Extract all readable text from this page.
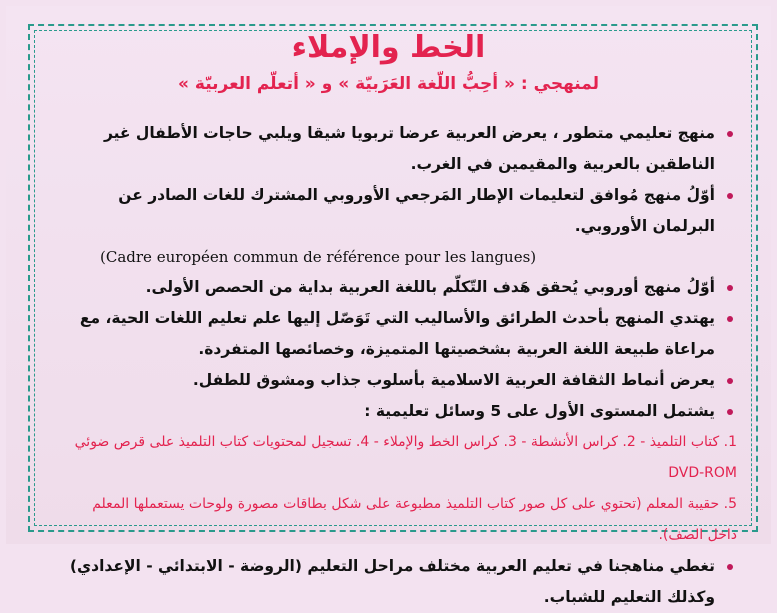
الخط والإملاء
لمنهجي : « أحِبُّ اللّغة العَرَبيّة » و « أتعلّم العربيّة »
منهج تعليمي متطور ، يعرض العربية عرضا تربويا شيقا ويلبي حاجات الأطفال غير الناطقين بالعربية والمقيمين في الغرب.
أوّلُ منهج مُوافق لتعليمات الإطار المَرجعي الأوروبي المشترك للغات الصادر عن البرلمان الأوروبي.
(Cadre européen commun de référence pour les langues)
أوّلُ منهج أوروبي يُحقق هَدف التّكلّم باللغة العربية بداية من الحصص الأولى.
يهتدي المنهج بأحدث الطرائق والأساليب التي تَوَصّل إليها علم تعليم اللغات الحية، مع مراعاة طبيعة اللغة العربية بشخصيتها المتميزة، وخصائصها المتفردة.
يعرض أنماط الثقافة العربية الاسلامية بأسلوب جذاب ومشوق للطفل.
يشتمل المستوى الأول على 5 وسائل تعليمية :
1. كتاب التلميذ - 2. كراس الأنشطة - 3. كراس الخط والإملاء - 4. تسجيل لمحتويات كتاب التلميذ على قرص ضوئي DVD-ROM
5. حقيبة المعلم (تحتوي على كل صور كتاب التلميذ مطبوعة على شكل بطاقات مصورة ولوحات يستعملها المعلم داخل الصف).
تغطي مناهجنا في تعليم العربية مختلف مراحل التعليم (الروضة - الابتدائي - الإعدادي) وكذلك التعليم للشباب.
